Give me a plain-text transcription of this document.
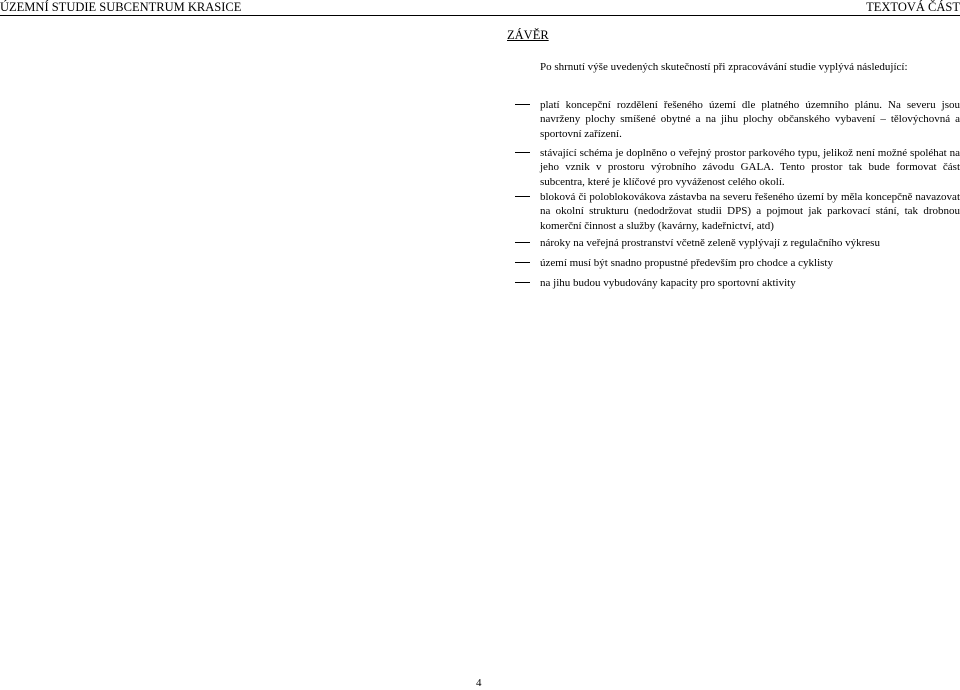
ÚZEMNÍ STUDIE SUBCENTRUM KRASICE	TEXTOVÁ ČÁST
ZÁVĚR
Po shrnutí výše uvedených skutečností při zpracovávání studie vyplývá následující:
platí koncepční rozdělení řešeného území dle platného územního plánu. Na severu jsou navrženy plochy smíšené obytné a na jihu plochy občanského vybavení – tělovýchovná a sportovní zařízení.
stávající schéma je doplněno o veřejný prostor parkového typu, jelikož není možné spoléhat na jeho vznik v prostoru výrobního závodu GALA. Tento prostor tak bude formovat část subcentra, které je klíčové pro vyváženost celého okolí.
bloková či poloblokovákova zástavba na severu řešeného území by měla koncepčně navazovat na okolní strukturu (nedodržovat studii DPS) a pojmout jak parkovací stání, tak drobnou komerční činnost a služby (kavárny, kadeřnictví, atd)
nároky na veřejná prostranství včetně zeleně vyplývají z regulačního výkresu
území musí být snadno propustné především pro chodce a cyklisty
na jihu budou vybudovány kapacity pro sportovní aktivity
4
